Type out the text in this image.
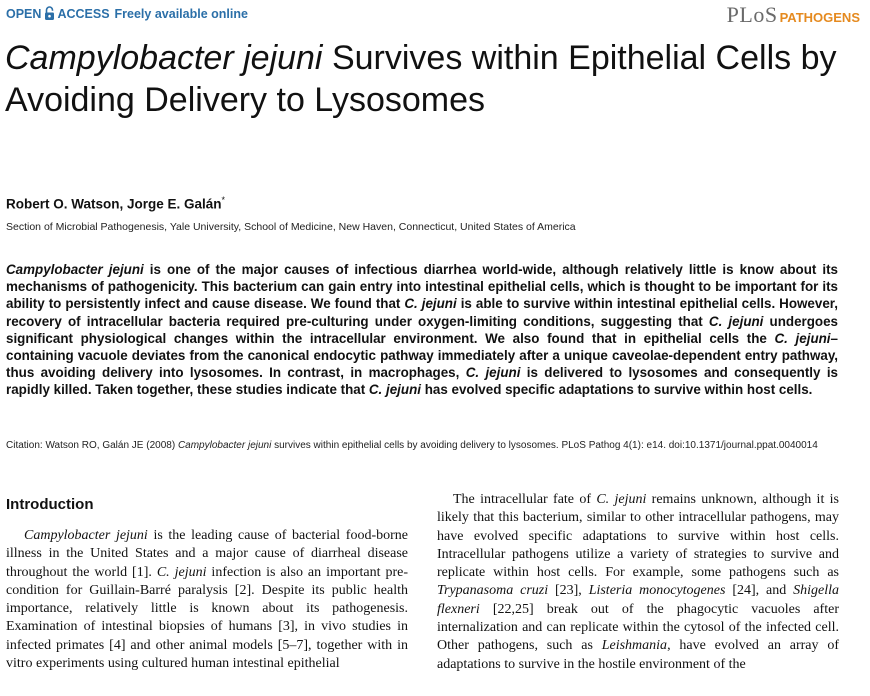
OPEN ACCESS Freely available online	PLoS PATHOGENS
Campylobacter jejuni Survives within Epithelial Cells by Avoiding Delivery to Lysosomes
Robert O. Watson, Jorge E. Galán*
Section of Microbial Pathogenesis, Yale University, School of Medicine, New Haven, Connecticut, United States of America
Campylobacter jejuni is one of the major causes of infectious diarrhea world-wide, although relatively little is know about its mechanisms of pathogenicity. This bacterium can gain entry into intestinal epithelial cells, which is thought to be important for its ability to persistently infect and cause disease. We found that C. jejuni is able to survive within intestinal epithelial cells. However, recovery of intracellular bacteria required pre-culturing under oxygen-limiting conditions, suggesting that C. jejuni undergoes significant physiological changes within the intracellular environment. We also found that in epithelial cells the C. jejuni–containing vacuole deviates from the canonical endocytic pathway immediately after a unique caveolae-dependent entry pathway, thus avoiding delivery into lysosomes. In contrast, in macrophages, C. jejuni is delivered to lysosomes and consequently is rapidly killed. Taken together, these studies indicate that C. jejuni has evolved specific adaptations to survive within host cells.
Citation: Watson RO, Galán JE (2008) Campylobacter jejuni survives within epithelial cells by avoiding delivery to lysosomes. PLoS Pathog 4(1): e14. doi:10.1371/journal.ppat.0040014
Introduction
Campylobacter jejuni is the leading cause of bacterial food-borne illness in the United States and a major cause of diarrheal disease throughout the world [1]. C. jejuni infection is also an important pre-condition for Guillain-Barré paralysis [2]. Despite its public health importance, relatively little is known about its pathogenesis. Examination of intestinal biopsies of humans [3], in vivo studies in infected primates [4] and other animal models [5–7], together with in vitro experiments using cultured human intestinal epithelial
The intracellular fate of C. jejuni remains unknown, although it is likely that this bacterium, similar to other intracellular pathogens, may have evolved specific adaptations to survive within host cells. Intracellular pathogens utilize a variety of strategies to survive and replicate within host cells. For example, some pathogens such as Trypanasoma cruzi [23], Listeria monocytogenes [24], and Shigella flexneri [22,25] break out of the phagocytic vacuoles after internalization and can replicate within the cytosol of the infected cell. Other pathogens, such as Leishmania, have evolved an array of adaptations to survive in the hostile environment of the
